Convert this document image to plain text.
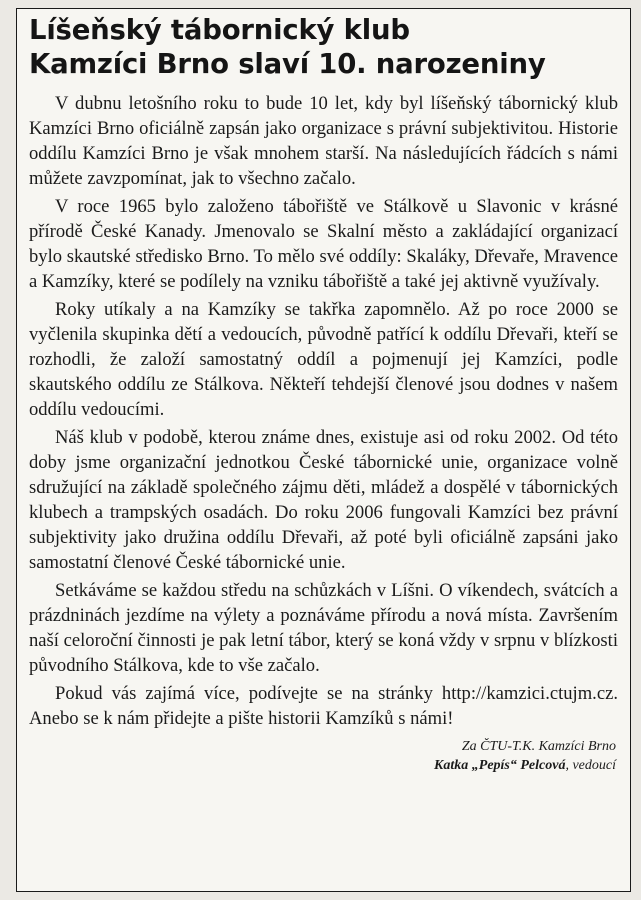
Líšeňský tábornický klub
Kamzíci Brno slaví 10. narozeniny

V dubnu letošního roku to bude 10 let, kdy byl líšeňský tábornický klub Kamzíci Brno oficiálně zapsán jako organizace s právní subjektivitou. Historie oddílu Kamzíci Brno je však mnohem starší. Na následujících řádcích s námi můžete zavzpomínat, jak to všechno začalo.

V roce 1965 bylo založeno tábořiště ve Stálkově u Slavonic v krásné přírodě České Kanady. Jmenovalo se Skalní město a zakládající organizací bylo skautské středisko Brno. To mělo své oddíly: Skaláky, Dřevaře, Mravence a Kamzíky, které se podílely na vzniku tábořiště a také jej aktivně využívaly.

Roky utíkaly a na Kamzíky se takřka zapomnělo. Až po roce 2000 se vyčlenila skupinka dětí a vedoucích, původně patřící k oddílu Dřevaři, kteří se rozhodli, že založí samostatný oddíl a pojmenují jej Kamzíci, podle skautského oddílu ze Stálkova. Někteří tehdejší členové jsou dodnes v našem oddílu vedoucími.

Náš klub v podobě, kterou známe dnes, existuje asi od roku 2002. Od této doby jsme organizační jednotkou České tábornické unie, organizace volně sdružující na základě společného zájmu děti, mládež a dospělé v tábornických klubech a trampských osadách. Do roku 2006 fungovali Kamzíci bez právní subjektivity jako družina oddílu Dřevaři, až poté byli oficiálně zapsáni jako samostatní členové České tábornické unie.

Setkáváme se každou středu na schůzkách v Líšni. O víkendech, svátcích a prázdninách jezdíme na výlety a poznáváme přírodu a nová místa. Završením naší celoroční činnosti je pak letní tábor, který se koná vždy v srpnu v blízkosti původního Stálkova, kde to vše začalo.

Pokud vás zajímá více, podívejte se na stránky http://kamzici.ctujm.cz. Anebo se k nám přidejte a pište historii Kamzíků s námi!

Za ČTU-T.K. Kamzíci Brno
Katka „Pepís“ Pelcová, vedoucí
